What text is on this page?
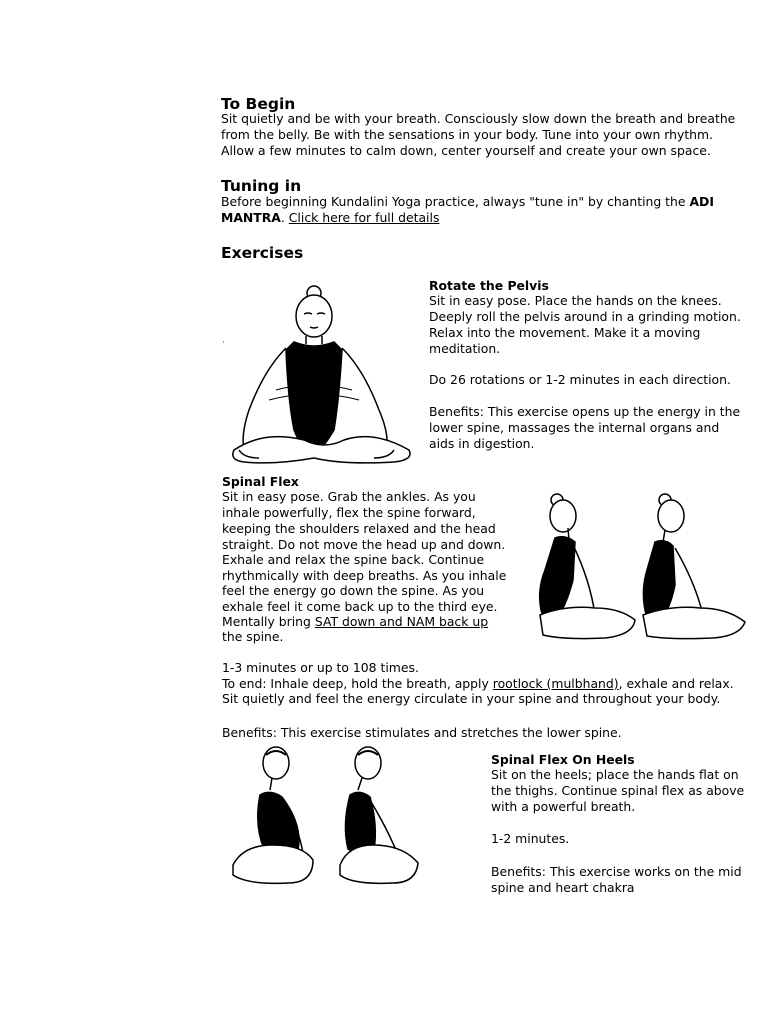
To Begin

Sit quietly and be with your breath. Consciously slow down the breath and breathe

from the belly. Be with the sensations in your body. Tune into your own rhythm.

Allow a few minutes to calm down, center yourself and create your own space.

Tuning in

Before beginning Kundalini Yoga practice, always "tune in" by chanting the ADI

MANTRA. Click here for full details

Exercises
·
Rotate the Pelvis

Sit in easy pose. Place the hands on the knees.

Deeply roll the pelvis around in a grinding motion.

Relax into the movement. Make it a moving

meditation.

Do 26 rotations or 1-2 minutes in each direction.

Benefits: This exercise opens up the energy in the

lower spine, massages the internal organs and

aids in digestion.

Spinal Flex

Sit in easy pose. Grab the ankles. As you

inhale powerfully, flex the spine forward,

keeping the shoulders relaxed and the head

straight. Do not move the head up and down.

Exhale and relax the spine back. Continue

rhythmically with deep breaths. As you inhale

feel the energy go down the spine. As you

exhale feel it come back up to the third eye.

Mentally bring SAT down and NAM back up

the spine.

1-3 minutes or up to 108 times.

To end: Inhale deep, hold the breath, apply rootlock (mulbhand), exhale and relax.

Sit quietly and feel the energy circulate in your spine and throughout your body.

Benefits: This exercise stimulates and stretches the lower spine.

Spinal Flex On Heels

Sit on the heels; place the hands flat on

the thighs. Continue spinal flex as above

with a powerful breath.

1-2 minutes.

Benefits: This exercise works on the mid

spine and heart chakra
